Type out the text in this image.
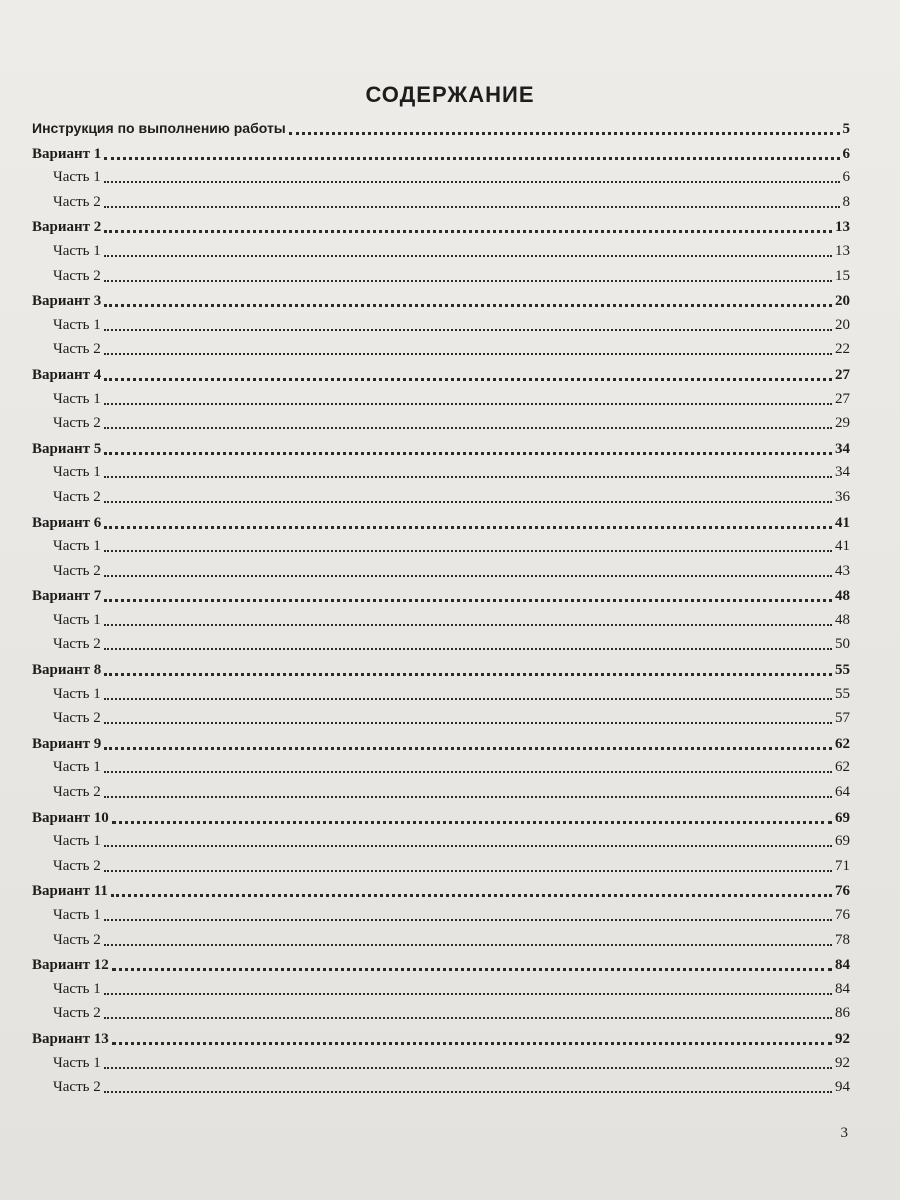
СОДЕРЖАНИЕ
Инструкция по выполнению работы	5
Вариант 1	6
Часть 1	6
Часть 2	8
Вариант 2	13
Часть 1	13
Часть 2	15
Вариант 3	20
Часть 1	20
Часть 2	22
Вариант 4	27
Часть 1	27
Часть 2	29
Вариант 5	34
Часть 1	34
Часть 2	36
Вариант 6	41
Часть 1	41
Часть 2	43
Вариант 7	48
Часть 1	48
Часть 2	50
Вариант 8	55
Часть 1	55
Часть 2	57
Вариант 9	62
Часть 1	62
Часть 2	64
Вариант 10	69
Часть 1	69
Часть 2	71
Вариант 11	76
Часть 1	76
Часть 2	78
Вариант 12	84
Часть 1	84
Часть 2	86
Вариант 13	92
Часть 1	92
Часть 2	94
3
